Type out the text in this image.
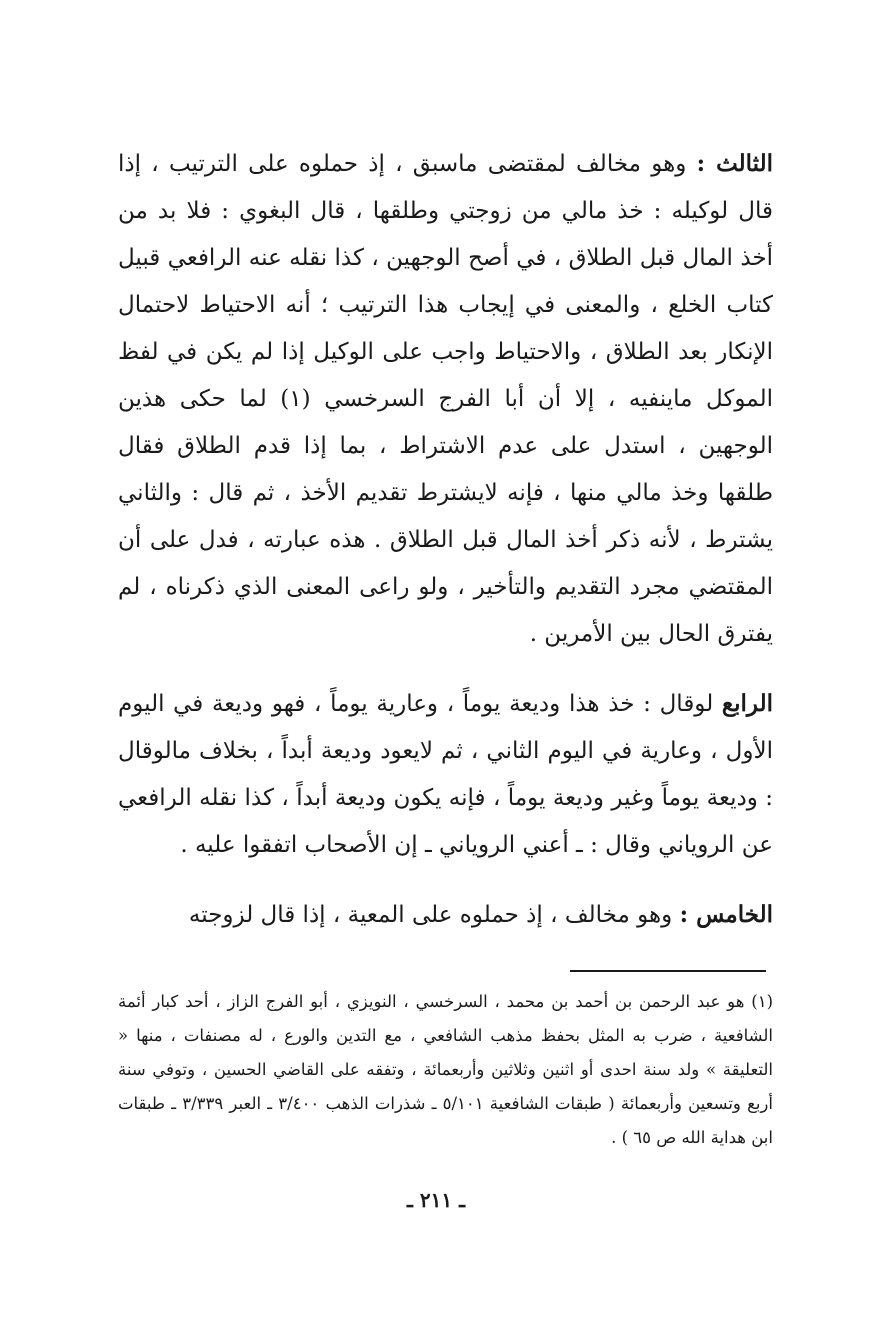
الثالث : وهو مخالف لمقتضى ماسبق ، إذ حملوه على الترتيب ، إذا قال لوكيله : خذ مالي من زوجتي وطلقها ، قال البغوي : فلا بد من أخذ المال قبل الطلاق ، في أصح الوجهين ، كذا نقله عنه الرافعي قبيل كتاب الخلع ، والمعنى في إيجاب هذا الترتيب ؛ أنه الاحتياط لاحتمال الإنكار بعد الطلاق ، والاحتياط واجب على الوكيل إذا لم يكن في لفظ الموكل ماينفيه ، إلا أن أبا الفرج السرخسي (١) لما حكى هذين الوجهين ، استدل على عدم الاشتراط ، بما إذا قدم الطلاق فقال طلقها وخذ مالي منها ، فإنه لايشترط تقديم الأخذ ، ثم قال : والثاني يشترط ، لأنه ذكر أخذ المال قبل الطلاق . هذه عبارته ، فدل على أن المقتضي مجرد التقديم والتأخير ، ولو راعى المعنى الذي ذكرناه ، لم يفترق الحال بين الأمرين .

الرابع لوقال : خذ هذا وديعة يوماً ، وعارية يوماً ، فهو وديعة في اليوم الأول ، وعارية في اليوم الثاني ، ثم لايعود وديعة أبداً ، بخلاف مالوقال : وديعة يوماً وغير وديعة يوماً ، فإنه يكون وديعة أبداً ، كذا نقله الرافعي عن الروياني وقال : ـ أعني الروياني ـ إن الأصحاب اتفقوا عليه .

الخامس : وهو مخالف ، إذ حملوه على المعية ، إذا قال لزوجته

(١) هو عبد الرحمن بن أحمد بن محمد ، السرخسي ، النويزي ، أبو الفرج الزاز ، أحد كبار أئمة الشافعية ، ضرب به المثل بحفظ مذهب الشافعي ، مع التدين والورع ، له مصنفات ، منها « التعليقة » ولد سنة احدى أو اثنين وثلاثين وأربعمائة ، وتفقه على القاضي الحسين ، وتوفي سنة أربع وتسعين وأربعمائة ( طبقات الشافعية ٥/١٠١ ـ شذرات الذهب ٣/٤٠٠ ـ العبر ٣/٣٣٩ ـ طبقات ابن هداية الله ص ٦٥ ) .
ـ ٢١١ ـ
